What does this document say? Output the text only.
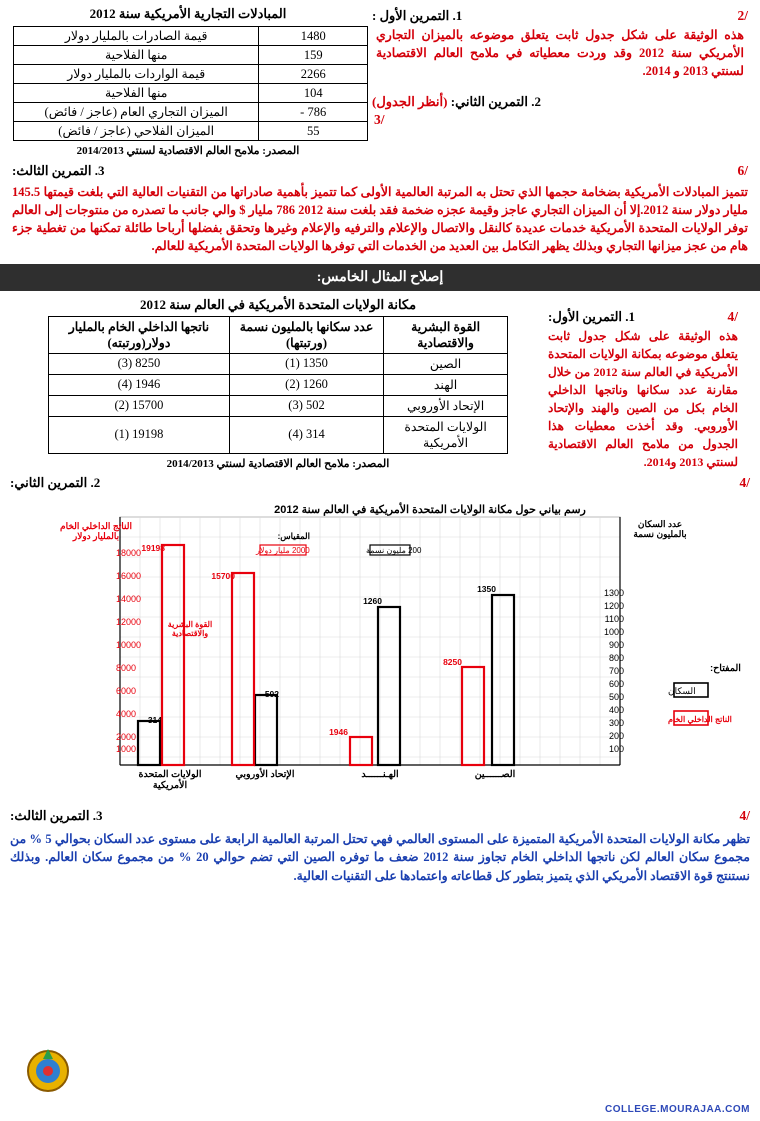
المبادلات التجارية الأمريكية سنة 2012
1480	قيمة الصادرات بالمليار دولار
159	منها الفلاحية
2266	قيمة الواردات بالمليار دولار
104	منها الفلاحية
786 -	الميزان التجاري العام (عاجز / فائض)
55	الميزان الفلاحي (عاجز / فائض)
المصدر: ملامح العالم الاقتصادية لسنتي 2014/2013
1. التمرين الأول :	/2
هذه الوثيقة على شكل جدول ثابت يتعلق موضوعه بالميزان التجاري الأمريكي سنة 2012 وقد وردت معطياته في ملامح العالم الاقتصادية لسنتي 2013 و 2014.
2. التمرين الثاني: (أنظر الجدول)
/3
3. التمرين الثالث:	/6
تتميز المبادلات الأمريكية بضخامة حجمها الذي تحتل به المرتبة العالمية الأولى كما تتميز بأهمية صادراتها من التقنيات العالية التي بلغت قيمتها 145.5 مليار دولار سنة 2012.إلا أن الميزان التجاري عاجز وقيمة عجزه ضخمة فقد بلغت سنة 2012 786 مليار $ والي جانب ما تصدره من منتوجات إلى العالم توفر الولايات المتحدة الأمريكية خدمات عديدة كالنقل والاتصال والإعلام والترفيه والإعلام وغيرها وتحقق بفضلها أرباحا طائلة تمكنها من تغطية جزء هام من عجز ميزانها التجاري وبذلك يظهر التكامل بين العديد من الخدمات التي توفرها الولايات المتحدة الأمريكية للعالم.
إصلاح المثال الخامس:
مكانة الولايات المتحدة الأمريكية في العالم سنة 2012
القوة البشرية والاقتصادية	عدد سكانها بالمليون نسمة (ورتبتها)	ناتجها الداخلي الخام بالمليار دولار(ورتبته)
الصين	1350 (1)	8250 (3)
الهند	1260 (2)	1946 (4)
الإتحاد الأوروبي	502 (3)	15700 (2)
الولايات المتحدة الأمريكية	314 (4)	19198 (1)
المصدر: ملامح العالم الاقتصادية لسنتي 2014/2013
1. التمرين الأول:	/4
هذه الوثيقة على شكل جدول ثابت يتعلق موضوعه بمكانة الولايات المتحدة الأمريكية في العالم سنة 2012 من خلال مقارنة عدد سكانها وناتجها الداخلي الخام بكل من الصين والهند والإتحاد الأوروبي. وقد أخذت معطيات هذا الجدول من ملامح العالم الاقتصادية لسنتي 2013 و2014.
2. التمرين الثاني:	/4
1000
2000
4000
6000
8000
10000
12000
14000
16000
18000
100
200
300
400
500
600
700
800
900
1000
1100
1200
1300
الناتج الداخلي الخام
بالمليار دولار
عدد السكان
بالمليون نسمة
رسم بياني حول مكانة الولايات المتحدة الأمريكية في العالم سنة 2012
المقياس:
2000 مليار دولار	200 مليون نسمة
القوة البشرية
والاقتصادية
314
19198
502
15700
1260
1946
1350
8250
الولايات المتحدة
الأمريكية
الإتحاد الأوروبي	الهـنــــــد	الصــــــين
المفتاح:
السكان
الناتج الداخلي الخام
3. التمرين الثالث:	/4
تظهر مكانة الولايات المتحدة الأمريكية المتميزة على المستوى العالمي فهي تحتل المرتبة العالمية الرابعة على مستوى عدد السكان بحوالي 5 % من مجموع سكان العالم لكن ناتجها الداخلي الخام تجاوز سنة 2012 ضعف ما توفره الصين التي تضم حوالي 20 % من مجموع سكان العالم. وبذلك نستنتج قوة الاقتصاد الأمريكي الذي يتميز بتطور كل قطاعاته واعتمادها على التقنيات العالية.
COLLEGE.MOURAJAA.COM
